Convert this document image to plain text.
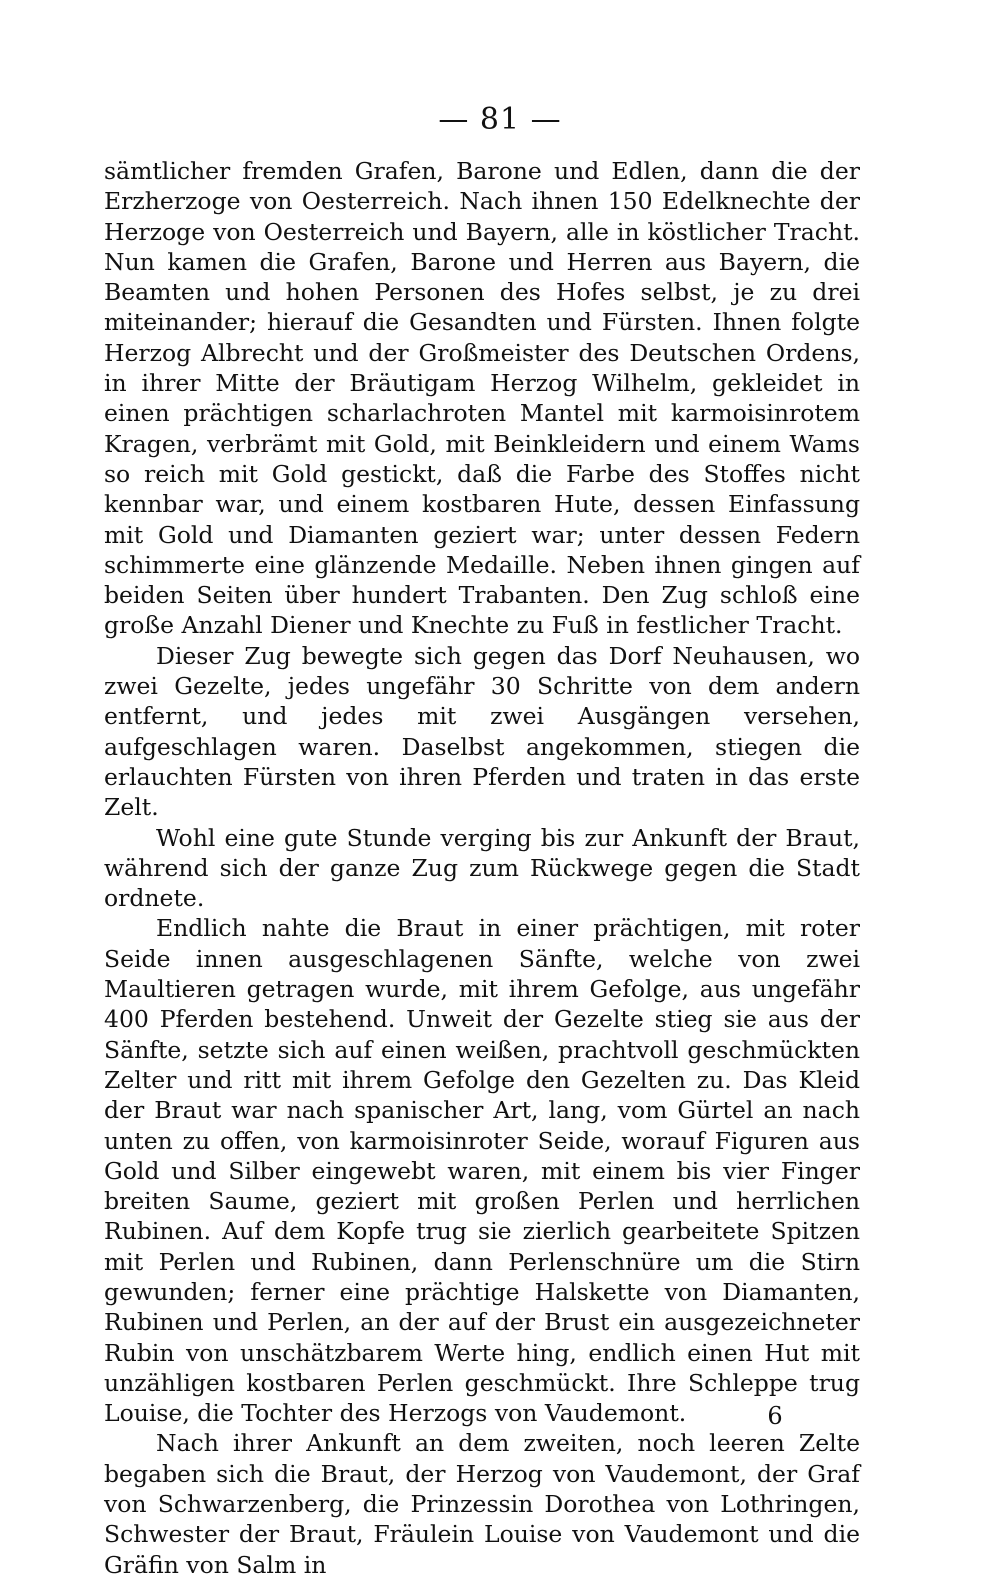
— 81 —

sämtlicher fremden Grafen, Barone und Edlen, dann die der Erzherzoge von Oesterreich. Nach ihnen 150 Edelknechte der Herzoge von Oesterreich und Bayern, alle in köstlicher Tracht. Nun kamen die Grafen, Barone und Herren aus Bayern, die Beamten und hohen Personen des Hofes selbst, je zu drei miteinander; hierauf die Gesandten und Fürsten. Ihnen folgte Herzog Albrecht und der Großmeister des Deutschen Ordens, in ihrer Mitte der Bräutigam Herzog Wilhelm, gekleidet in einen prächtigen scharlachroten Mantel mit karmoisinrotem Kragen, verbrämt mit Gold, mit Beinkleidern und einem Wams so reich mit Gold gestickt, daß die Farbe des Stoffes nicht kennbar war, und einem kostbaren Hute, dessen Einfassung mit Gold und Diamanten geziert war; unter dessen Federn schimmerte eine glänzende Medaille. Neben ihnen gingen auf beiden Seiten über hundert Trabanten. Den Zug schloß eine große Anzahl Diener und Knechte zu Fuß in festlicher Tracht.

Dieser Zug bewegte sich gegen das Dorf Neuhausen, wo zwei Gezelte, jedes ungefähr 30 Schritte von dem andern entfernt, und jedes mit zwei Ausgängen versehen, aufgeschlagen waren. Daselbst angekommen, stiegen die erlauchten Fürsten von ihren Pferden und traten in das erste Zelt.

Wohl eine gute Stunde verging bis zur Ankunft der Braut, während sich der ganze Zug zum Rückwege gegen die Stadt ordnete.

Endlich nahte die Braut in einer prächtigen, mit roter Seide innen ausgeschlagenen Sänfte, welche von zwei Maultieren getragen wurde, mit ihrem Gefolge, aus ungefähr 400 Pferden bestehend. Unweit der Gezelte stieg sie aus der Sänfte, setzte sich auf einen weißen, prachtvoll geschmückten Zelter und ritt mit ihrem Gefolge den Gezelten zu. Das Kleid der Braut war nach spanischer Art, lang, vom Gürtel an nach unten zu offen, von karmoisinroter Seide, worauf Figuren aus Gold und Silber eingewebt waren, mit einem bis vier Finger breiten Saume, geziert mit großen Perlen und herrlichen Rubinen. Auf dem Kopfe trug sie zierlich gearbeitete Spitzen mit Perlen und Rubinen, dann Perlenschnüre um die Stirn gewunden; ferner eine prächtige Halskette von Diamanten, Rubinen und Perlen, an der auf der Brust ein ausgezeichneter Rubin von unschätzbarem Werte hing, endlich einen Hut mit unzähligen kostbaren Perlen geschmückt. Ihre Schleppe trug Louise, die Tochter des Herzogs von Vaudemont.

Nach ihrer Ankunft an dem zweiten, noch leeren Zelte begaben sich die Braut, der Herzog von Vaudemont, der Graf von Schwarzenberg, die Prinzessin Dorothea von Lothringen, Schwester der Braut, Fräulein Louise von Vaudemont und die Gräfin von Salm in

6
